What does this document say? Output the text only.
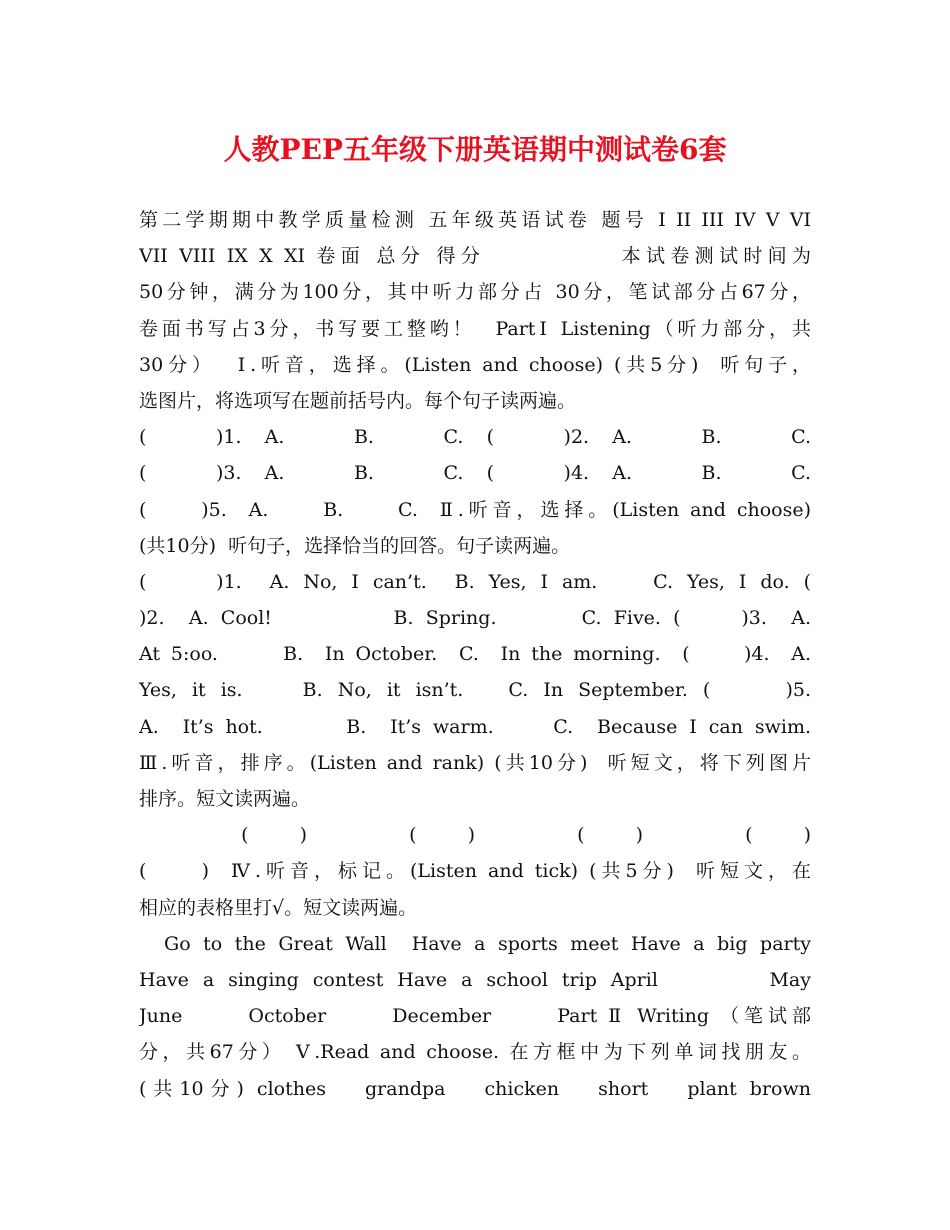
人教PEP五年级下册英语期中测试卷6套
第二学期期中教学质量检测 五年级英语试卷 题号 I II III IV V VI
VII VIII IX X XI 卷面 总分 得分            本试卷测试时间为
50分钟，满分为100分，其中听力部分占 30分，笔试部分占67分，
卷面书写占3分，书写要工整哟！  PartⅠ Listening（听力部分，共
30分）  Ⅰ.听音，选择。(Listen and choose) (共5分)  听句子，
选图片，将选项写在题前括号内。每个句子读两遍。
(      )1.  A.      B.      C.  (      )2.  A.      B.      C.
(      )3.  A.      B.      C.  (      )4.  A.      B.      C.
(     )5.  A.     B.     C.  Ⅱ.听音，选择。(Listen and choose)
(共10分)  听句子，选择恰当的回答。句子读两遍。
(     )1.  A. No, I can’t.  B. Yes, I am.    C. Yes, I do. (
)2.  A. Cool!          B. Spring.       C. Five. (     )3.  A.
At 5:oo.      B.  In October.  C.  In the morning.  (     )4.  A.
Yes, it is.    B. No, it isn’t.   C. In September. (     )5.
A.  It’s hot.       B.  It’s warm.     C.  Because I can swim.
Ⅲ.听音，排序。(Listen and rank) (共10分)  听短文，将下列图片
排序。短文读两遍。
(     )          (     )          (     )          (     )
(     )  Ⅳ.听音，标记。(Listen and tick) (共5分)  听短文，在
相应的表格里打√。短文读两遍。
Go to the Great Wall  Have a sports meet Have a big party
Have a singing contest Have a school trip April        May
June      October      December      Part Ⅱ Writing （笔试部
分，共67分） Ⅴ.Read and choose. 在方框中为下列单词找朋友。
(共10分) clothes   grandpa   chicken   short   plant brown
